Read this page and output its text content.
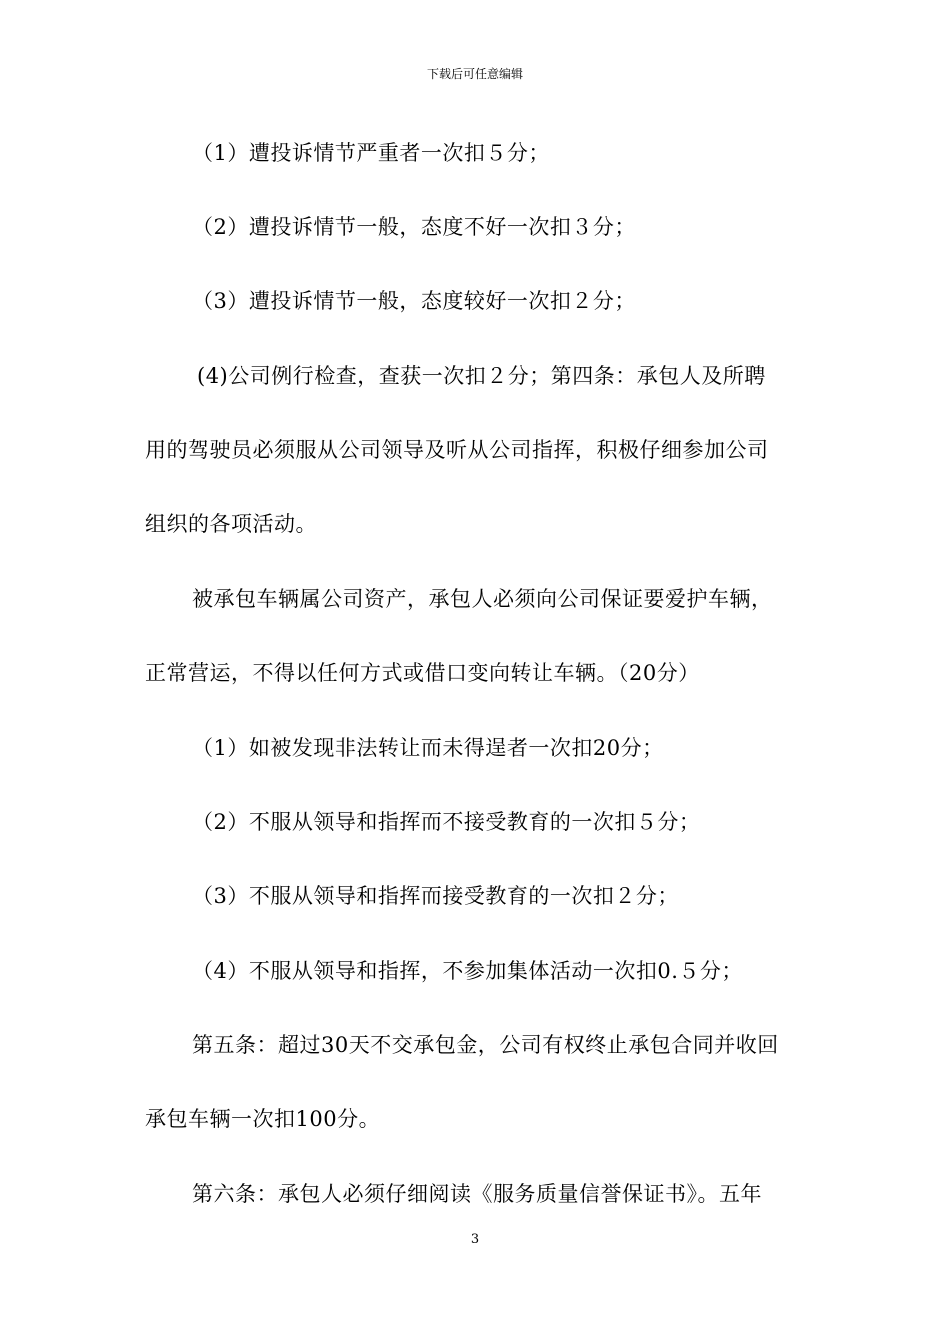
下载后可任意编辑
（1）遭投诉情节严重者一次扣５分；
（2）遭投诉情节一般，态度不好一次扣３分；
（3）遭投诉情节一般，态度较好一次扣２分；
(4)公司例行检查，查获一次扣２分；第四条：承包人及所聘
用的驾驶员必须服从公司领导及听从公司指挥，积极仔细参加公司
组织的各项活动。
被承包车辆属公司资产，承包人必须向公司保证要爱护车辆，
正常营运，不得以任何方式或借口变向转让车辆。（20分）
（1）如被发现非法转让而未得逞者一次扣20分；
（2）不服从领导和指挥而不接受教育的一次扣５分；
（3）不服从领导和指挥而接受教育的一次扣２分；
（4）不服从领导和指挥，不参加集体活动一次扣0.５分；
第五条：超过30天不交承包金，公司有权终止承包合同并收回
承包车辆一次扣100分。
第六条：承包人必须仔细阅读《服务质量信誉保证书》。五年
3
